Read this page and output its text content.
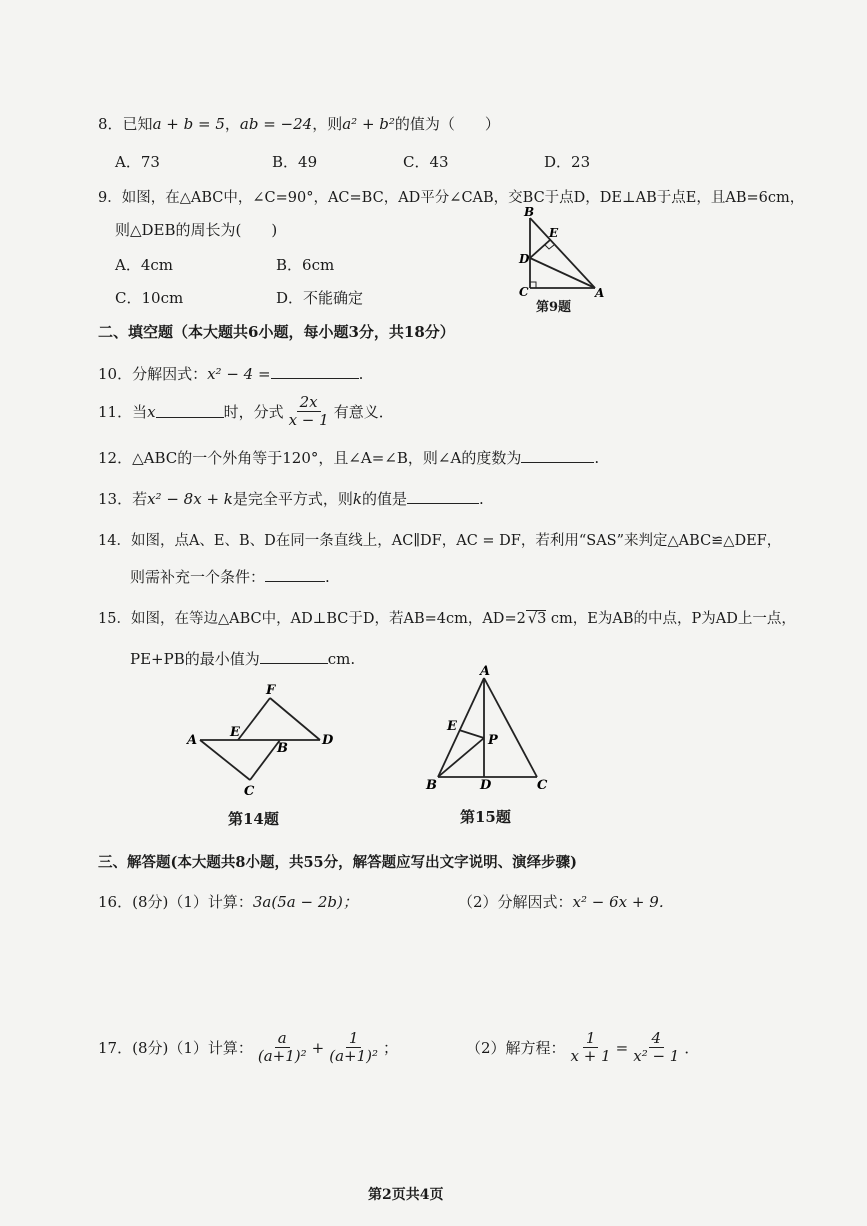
8．已知a + b = 5，ab = −24，则a² + b²的值为（　　）
A．73	B．49	C．43	D．23
9．如图，在△ABC中，∠C=90°，AC=BC，AD平分∠CAB，交BC于点D，DE⊥AB于点E，且AB=6cm，
则△DEB的周长为(　　)
A．4cm	B．6cm
C．10cm	D．不能确定
B
E
D
C	A
第9题
二、填空题（本大题共6小题，每小题3分，共18分）
10．分解因式：x² − 4 =	.
11．当 x	时，分式 $\frac{2x}{x - 1}$ 有意义．
12．△ABC的一个外角等于120°，且∠A=∠B，则∠A的度数为	.
13．若x² − 8x + k是完全平方式，则k的值是	.
14．如图，点A、E、B、D在同一条直线上，AC∥DF，AC = DF，若利用“SAS”来判定△ABC≌△DEF，
则需补充一个条件：	.
15．如图，在等边△ABC中，AD⊥BC于D，若AB=4cm，AD=2 √3 cm，E为AB的中点，P为AD上一点，
PE+PB的最小值为	cm.
F
A
E
B
D
C
第14题
A
E
P
B	D	C
第15题
三、解答题(本大题共8小题，共55分，解答题应写出文字说明、演绎步骤)
16．(8分)（1）计算：3a(5a − 2b)；	（2）分解因式：x² − 6x + 9．
17．(8分)（1）计算： $\frac{a}{\text{(a+1)²}} + \frac{1}{\text{(a+1)²}}$ ；	（2）解方程： $\frac{1}{x + 1} = \frac{4}{\text{x² − 1}}$ ．
第2页共4页
